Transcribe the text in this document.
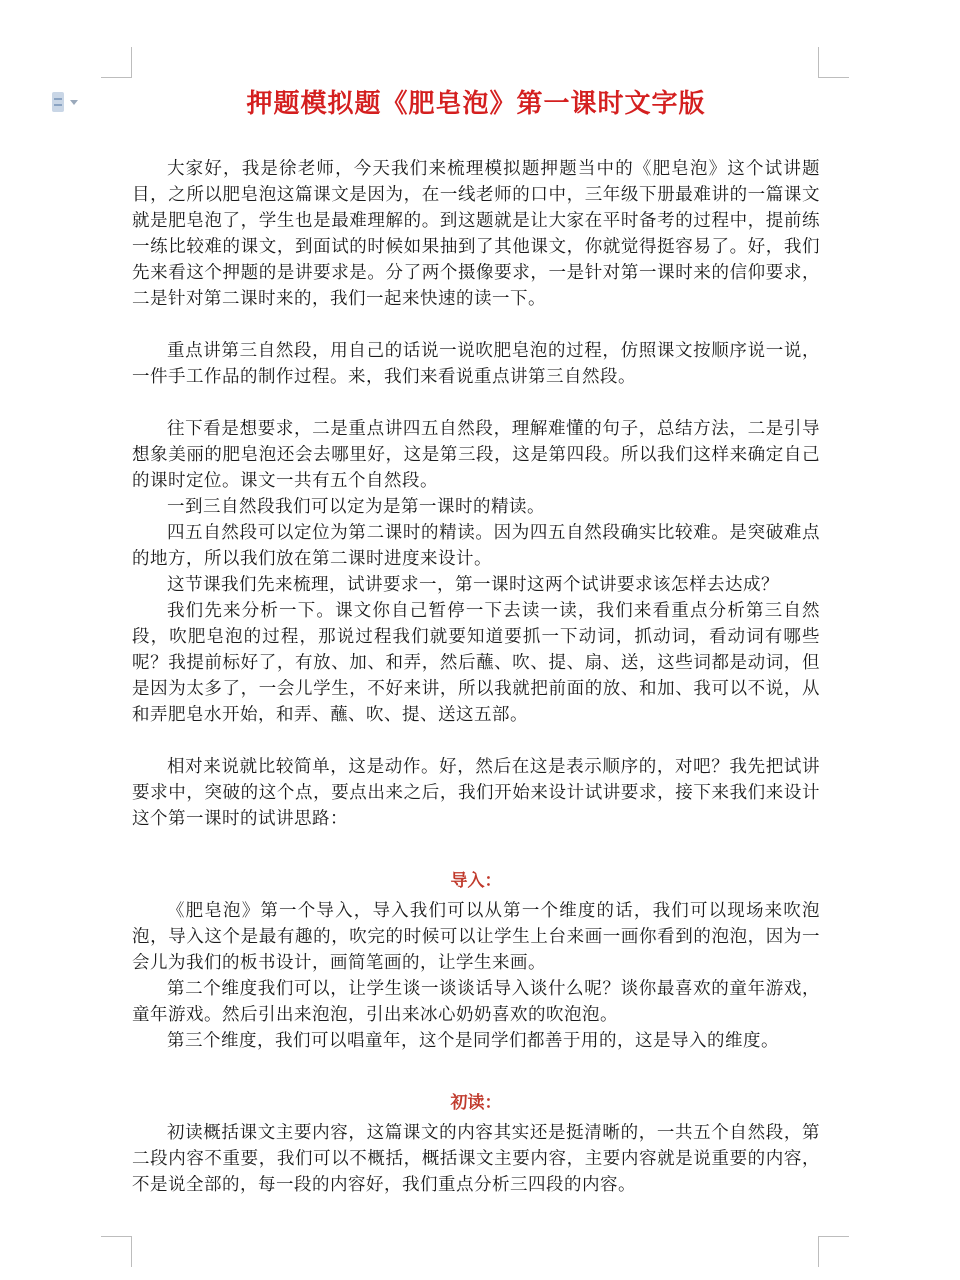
押题模拟题《肥皂泡》第一课时文字版

大家好，我是徐老师，今天我们来梳理模拟题押题当中的《肥皂泡》这个试讲题目，之所以肥皂泡这篇课文是因为，在一线老师的口中，三年级下册最难讲的一篇课文就是肥皂泡了，学生也是最难理解的。到这题就是让大家在平时备考的过程中，提前练一练比较难的课文，到面试的时候如果抽到了其他课文，你就觉得挺容易了。好，我们先来看这个押题的是讲要求是。分了两个摄像要求，一是针对第一课时来的信仰要求，二是针对第二课时来的，我们一起来快速的读一下。

重点讲第三自然段，用自己的话说一说吹肥皂泡的过程，仿照课文按顺序说一说，一件手工作品的制作过程。来，我们来看说重点讲第三自然段。

往下看是想要求，二是重点讲四五自然段，理解难懂的句子，总结方法，二是引导想象美丽的肥皂泡还会去哪里好，这是第三段，这是第四段。所以我们这样来确定自己的课时定位。课文一共有五个自然段。

一到三自然段我们可以定为是第一课时的精读。

四五自然段可以定位为第二课时的精读。因为四五自然段确实比较难。是突破难点的地方，所以我们放在第二课时进度来设计。

这节课我们先来梳理，试讲要求一，第一课时这两个试讲要求该怎样去达成？

我们先来分析一下。课文你自己暂停一下去读一读，我们来看重点分析第三自然段，吹肥皂泡的过程，那说过程我们就要知道要抓一下动词，抓动词，看动词有哪些呢？我提前标好了，有放、加、和弄，然后蘸、吹、提、扇、送，这些词都是动词，但是因为太多了，一会儿学生，不好来讲，所以我就把前面的放、和加、我可以不说，从和弄肥皂水开始，和弄、蘸、吹、提、送这五部。

相对来说就比较简单，这是动作。好，然后在这是表示顺序的，对吧？我先把试讲要求中，突破的这个点，要点出来之后，我们开始来设计试讲要求，接下来我们来设计这个第一课时的试讲思路：

导入：

《肥皂泡》第一个导入，导入我们可以从第一个维度的话，我们可以现场来吹泡泡，导入这个是最有趣的，吹完的时候可以让学生上台来画一画你看到的泡泡，因为一会儿为我们的板书设计，画简笔画的，让学生来画。

第二个维度我们可以，让学生谈一谈谈话导入谈什么呢？谈你最喜欢的童年游戏，童年游戏。然后引出来泡泡，引出来冰心奶奶喜欢的吹泡泡。

第三个维度，我们可以唱童年，这个是同学们都善于用的，这是导入的维度。

初读：

初读概括课文主要内容，这篇课文的内容其实还是挺清晰的，一共五个自然段，第二段内容不重要，我们可以不概括，概括课文主要内容，主要内容就是说重要的内容，不是说全部的，每一段的内容好，我们重点分析三四段的内容。
